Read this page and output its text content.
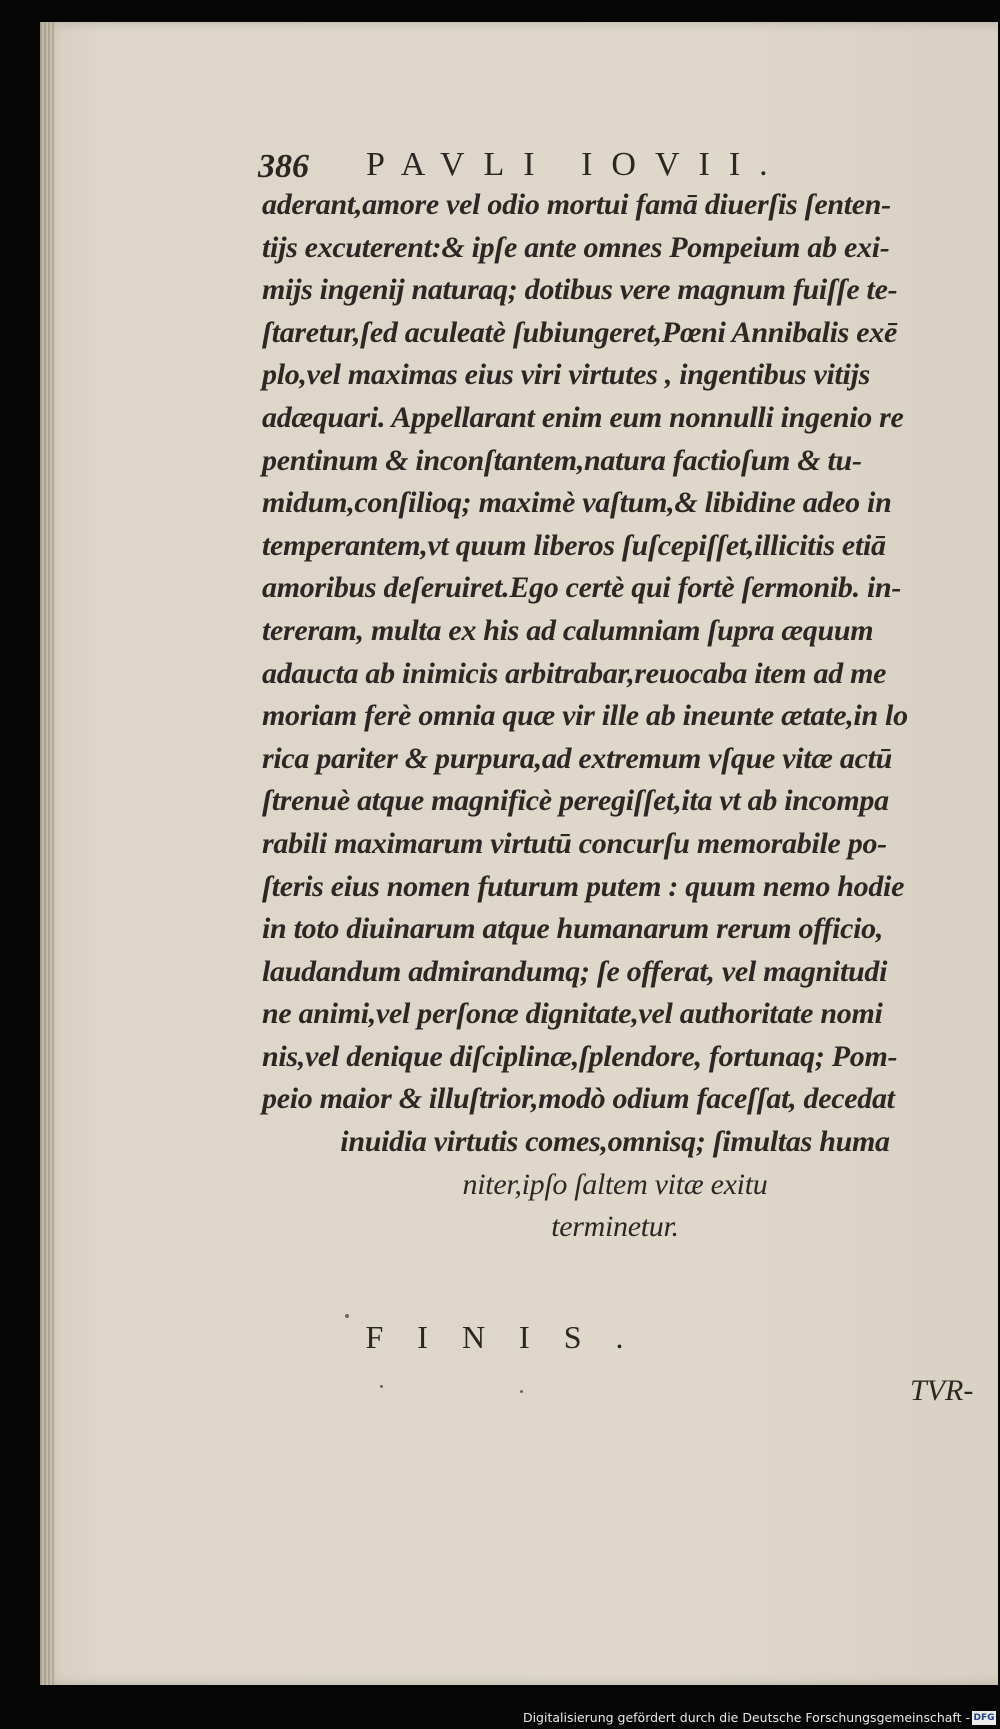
386 PAVLI IOVII.
aderant,amore vel odio mortui famā diuerſis ſenten-
tijs excuterent:& ipſe ante omnes Pompeium ab exi-
mijs ingenij naturaq; dotibus vere magnum fuiſſe te-
ſtaretur,ſed aculeatè ſubiungeret,Pœni Annibalis exē
plo,vel maximas eius viri virtutes , ingentibus vitijs
adæquari. Appellarant enim eum nonnulli ingenio re
pentinum & inconſtantem,natura factioſum & tu-
midum,conſilioq; maximè vaſtum,& libidine adeo in
temperantem,vt quum liberos ſuſcepiſſet,illicitis etiā
amoribus deſeruiret.Ego certè qui fortè ſermonib. in-
tereram, multa ex his ad calumniam ſupra æquum
adaucta ab inimicis arbitrabar,reuocaba item ad me
moriam ferè omnia quæ vir ille ab ineunte ætate,in lo
rica pariter & purpura,ad extremum vſque vitæ actū
ſtrenuè atque magnificè peregiſſet,ita vt ab incompa
rabili maximarum virtutū concurſu memorabile po-
ſteris eius nomen futurum putem : quum nemo hodie
in toto diuinarum atque humanarum rerum officio,
laudandum admirandumq; ſe offerat, vel magnitudi
ne animi,vel perſonæ dignitate,vel authoritate nomi
nis,vel denique diſciplinæ,ſplendore, fortunaq; Pom-
peio maior & illuſtrior,modò odium faceſſat, decedat
inuidia virtutis comes,omnisq; ſimultas huma
niter,ipſo ſaltem vitæ exitu
terminetur.
FINIS.
TVR-
Digitalisierung gefördert durch die Deutsche Forschungsgemeinschaft - DFG
